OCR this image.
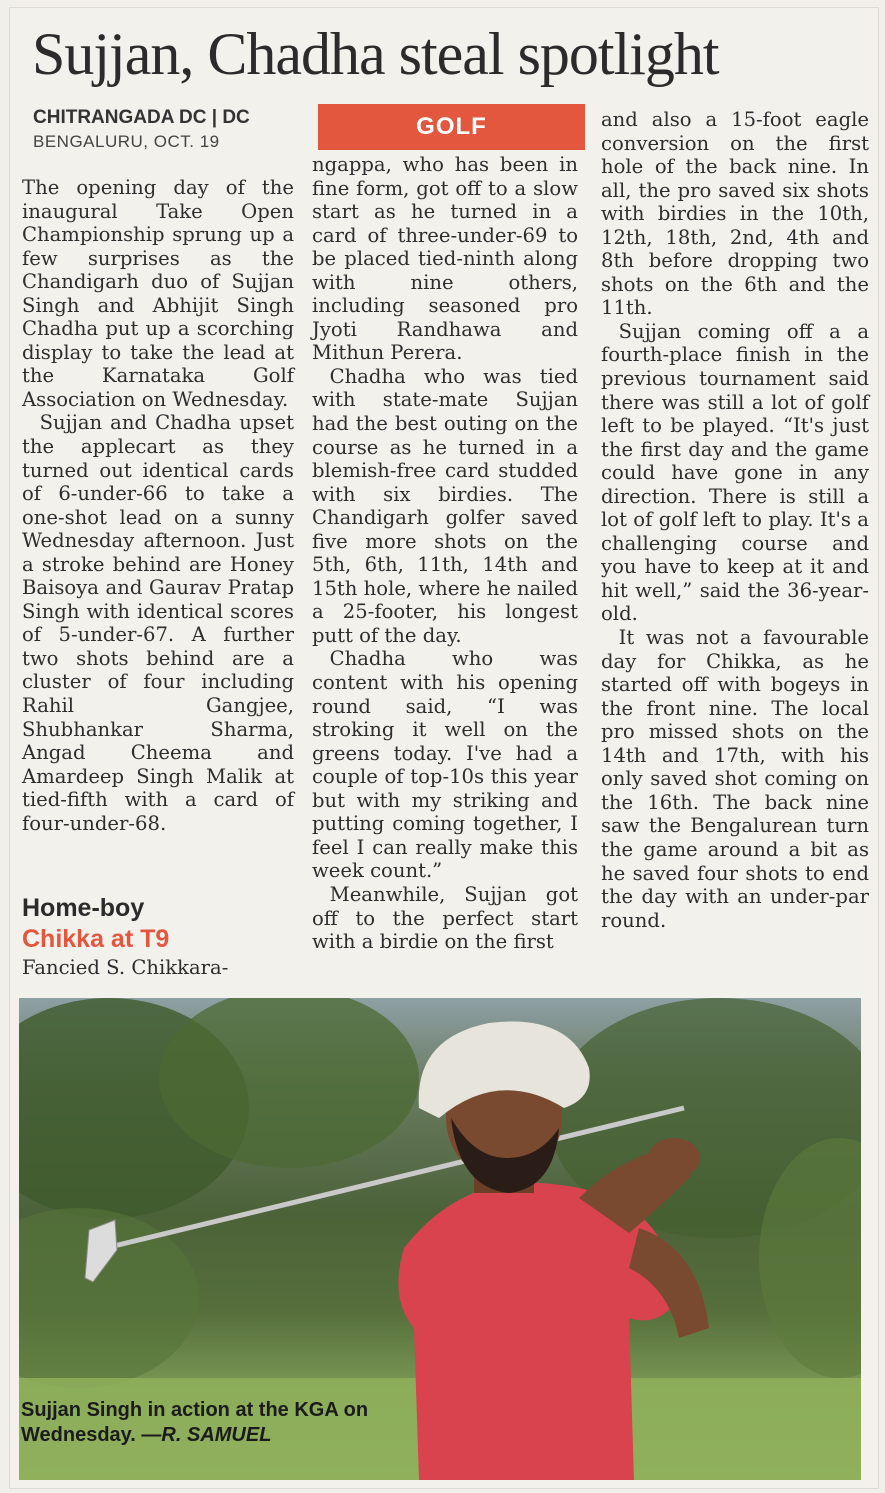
Sujjan, Chadha steal spotlight
CHITRANGADA DC | DC
BENGALURU, OCT. 19
GOLF

The opening day of the inaugural Take Open Championship sprung up a few surprises as the Chandigarh duo of Sujjan Singh and Abhijit Singh Chadha put up a scorching display to take the lead at the Karnataka Golf Association on Wednesday.

Sujjan and Chadha upset the applecart as they turned out identical cards of 6-under-66 to take a one-shot lead on a sunny Wednesday afternoon. Just a stroke behind are Honey Baisoya and Gaurav Pratap Singh with identical scores of 5-under-67. A further two shots behind are a cluster of four including Rahil Gangjee, Shubhankar Sharma, Angad Cheema and Amardeep Singh Malik at tied-fifth with a card of four-under-68.

Home-boy
Chikka at T9

Fancied S. Chikkara-

ngappa, who has been in fine form, got off to a slow start as he turned in a card of three-under-69 to be placed tied-ninth along with nine others, including seasoned pro Jyoti Randhawa and Mithun Perera.

Chadha who was tied with state-mate Sujjan had the best outing on the course as he turned in a blemish-free card studded with six birdies. The Chandigarh golfer saved five more shots on the 5th, 6th, 11th, 14th and 15th hole, where he nailed a 25-footer, his longest putt of the day.

Chadha who was content with his opening round said, “I was stroking it well on the greens today. I've had a couple of top-10s this year but with my striking and putting coming together, I feel I can really make this week count.”

Meanwhile, Sujjan got off to the perfect start with a birdie on the first

and also a 15-foot eagle conversion on the first hole of the back nine. In all, the pro saved six shots with birdies in the 10th, 12th, 18th, 2nd, 4th and 8th before dropping two shots on the 6th and the 11th.

Sujjan coming off a a fourth-place finish in the previous tournament said there was still a lot of golf left to be played. “It's just the first day and the game could have gone in any direction. There is still a lot of golf left to play. It's a challenging course and you have to keep at it and hit well,” said the 36-year-old.

It was not a favourable day for Chikka, as he started off with bogeys in the front nine. The local pro missed shots on the 14th and 17th, with his only saved shot coming on the 16th. The back nine saw the Bengalurean turn the game around a bit as he saved four shots to end the day with an under-par round.

Sujjan Singh in action at the KGA on
Wednesday. —R. SAMUEL
